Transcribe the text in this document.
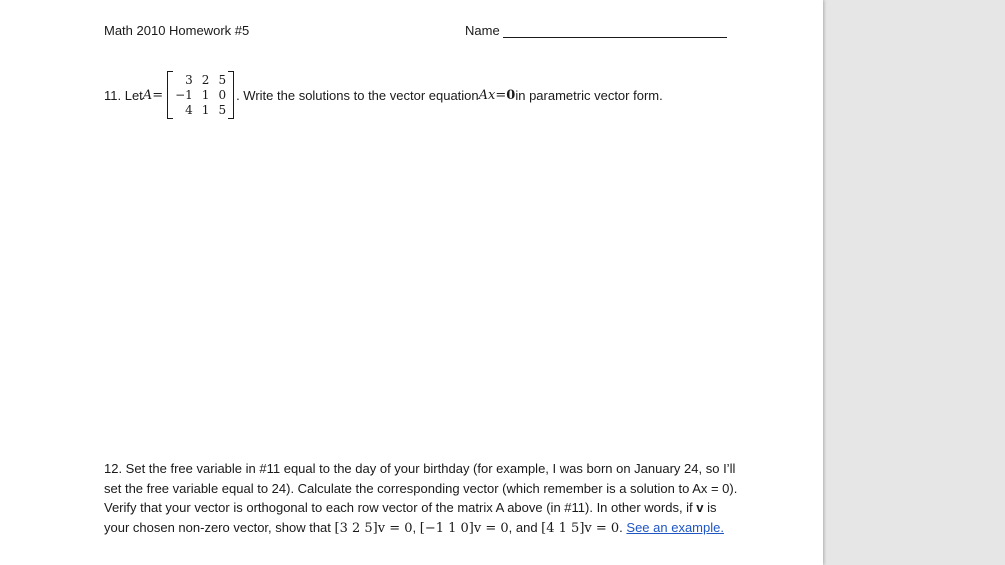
Math 2010 Homework #5	Name
11. Let A =
3 2 5
−1 1 0
4 1 5
. Write the solutions to the vector equation Ax = 0 in parametric vector form.
12. Set the free variable in #11 equal to the day of your birthday (for example, I was born on January 24, so I’ll set the free variable equal to 24). Calculate the corresponding vector (which remember is a solution to Ax = 0). Verify that your vector is orthogonal to each row vector of the matrix A above (in #11). In other words, if v is your chosen non-zero vector, show that [3 2 5]v = 0, [−1 1 0]v = 0, and [4 1 5]v = 0. See an example.
